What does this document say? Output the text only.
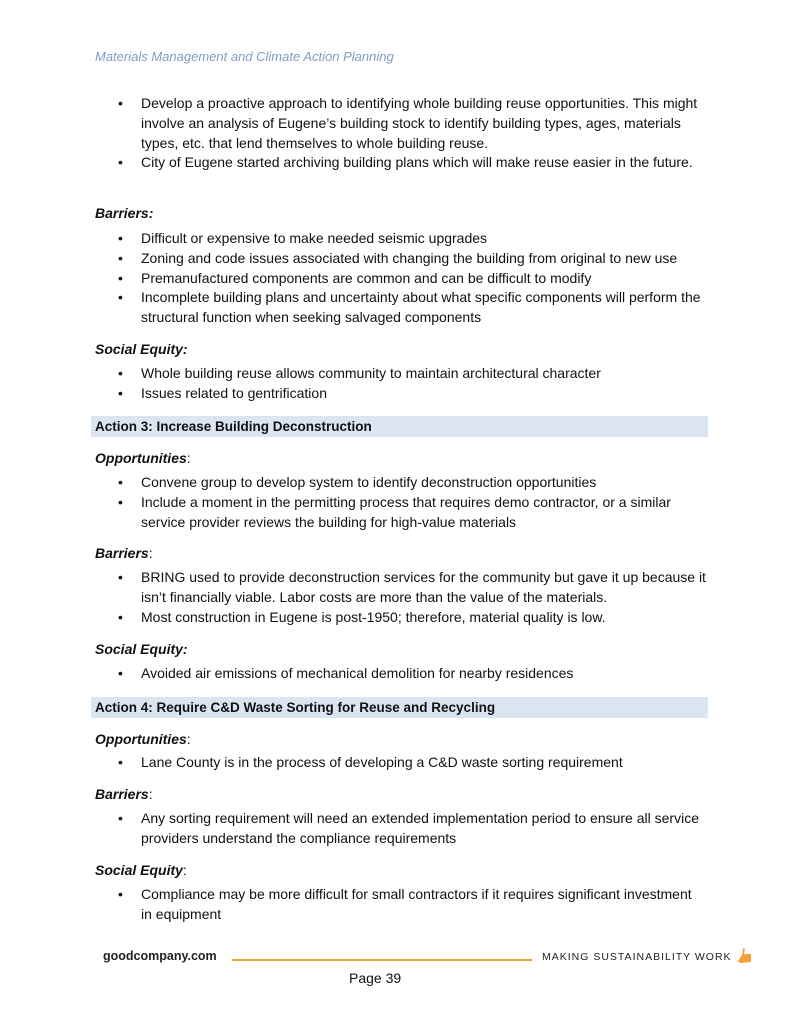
Materials Management and Climate Action Planning
• Develop a proactive approach to identifying whole building reuse opportunities. This might involve an analysis of Eugene’s building stock to identify building types, ages, materials types, etc. that lend themselves to whole building reuse.
• City of Eugene started archiving building plans which will make reuse easier in the future.
Barriers:
• Difficult or expensive to make needed seismic upgrades
• Zoning and code issues associated with changing the building from original to new use
• Premanufactured components are common and can be difficult to modify
• Incomplete building plans and uncertainty about what specific components will perform the structural function when seeking salvaged components
Social Equity:
• Whole building reuse allows community to maintain architectural character
• Issues related to gentrification
Action 3: Increase Building Deconstruction
Opportunities:
• Convene group to develop system to identify deconstruction opportunities
• Include a moment in the permitting process that requires demo contractor, or a similar service provider reviews the building for high-value materials
Barriers:
• BRING used to provide deconstruction services for the community but gave it up because it isn’t financially viable. Labor costs are more than the value of the materials.
• Most construction in Eugene is post-1950; therefore, material quality is low.
Social Equity:
• Avoided air emissions of mechanical demolition for nearby residences
Action 4: Require C&D Waste Sorting for Reuse and Recycling
Opportunities:
• Lane County is in the process of developing a C&D waste sorting requirement
Barriers:
• Any sorting requirement will need an extended implementation period to ensure all service providers understand the compliance requirements
Social Equity:
• Compliance may be more difficult for small contractors if it requires significant investment in equipment
goodcompany.com	MAKING SUSTAINABILITY WORK
Page 39
